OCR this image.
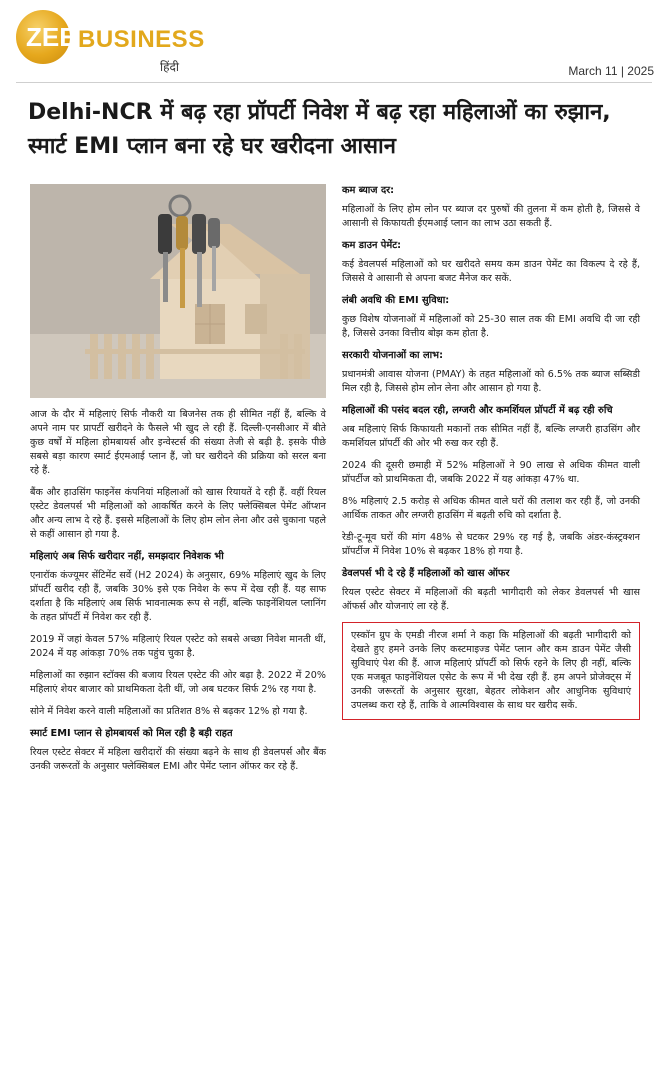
ZEE BUSINESS
हिंदी	March 11 | 2025
Delhi-NCR में बढ़ रहा प्रॉपर्टी निवेश में बढ़ रहा महिलाओं का रुझान, स्मार्ट EMI प्लान बना रहे घर खरीदना आसान

आज के दौर में महिलाएं सिर्फ नौकरी या बिजनेस तक ही सीमित नहीं हैं, बल्कि वे अपने नाम पर प्रापर्टी खरीदने के फैसले भी खुद ले रही हैं. दिल्ली-एनसीआर में बीते कुछ वर्षों में महिला होमबायर्स और इन्वेस्टर्स की संख्या तेजी से बढ़ी है. इसके पीछे सबसे बड़ा कारण स्मार्ट ईएमआई प्लान हैं, जो घर खरीदने की प्रक्रिया को सरल बना रहे हैं.

बैंक और हाउसिंग फाइनेंस कंपनियां महिलाओं को खास रियायतें दे रही हैं. वहीं रियल एस्टेट डेवलपर्स भी महिलाओं को आकर्षित करने के लिए फ्लेक्सिबल पेमेंट ऑप्शन और अन्य लाभ दे रहे हैं. इससे महिलाओं के लिए होम लोन लेना और उसे चुकाना पहले से कहीं आसान हो गया है.

महिलाएं अब सिर्फ खरीदार नहीं, समझदार निवेशक भी

एनारॉक कंज्यूमर सेंटिमेंट सर्वे (H2 2024) के अनुसार, 69% महिलाएं खुद के लिए प्रॉपर्टी खरीद रही हैं, जबकि 30% इसे एक निवेश के रूप में देख रही हैं. यह साफ दर्शाता है कि महिलाएं अब सिर्फ भावनात्मक रूप से नहीं, बल्कि फाइनेंशियल प्लानिंग के तहत प्रॉपर्टी में निवेश कर रही हैं.

2019 में जहां केवल 57% महिलाएं रियल एस्टेट को सबसे अच्छा निवेश मानती थीं, 2024 में यह आंकड़ा 70% तक पहुंच चुका है.

महिलाओं का रुझान स्टॉक्स की बजाय रियल एस्टेट की ओर बढ़ा है. 2022 में 20% महिलाएं शेयर बाजार को प्राथमिकता देती थीं, जो अब घटकर सिर्फ 2% रह गया है.

सोने में निवेश करने वाली महिलाओं का प्रतिशत 8% से बढ़कर 12% हो गया है.

स्मार्ट EMI प्लान से होमबायर्स को मिल रही है बड़ी राहत

रियल एस्टेट सेक्टर में महिला खरीदारों की संख्या बढ़ने के साथ ही डेवलपर्स और बैंक उनकी जरूरतों के अनुसार फ्लेक्सिबल EMI और पेमेंट प्लान ऑफर कर रहे हैं.

कम ब्याज दर:

महिलाओं के लिए होम लोन पर ब्याज दर पुरुषों की तुलना में कम होती है, जिससे वे आसानी से किफायती ईएमआई प्लान का लाभ उठा सकती हैं.

कम डाउन पेमेंट:

कई डेवलपर्स महिलाओं को घर खरीदते समय कम डाउन पेमेंट का विकल्प दे रहे हैं, जिससे वे आसानी से अपना बजट मैनेज कर सकें.

लंबी अवधि की EMI सुविधा:

कुछ विशेष योजनाओं में महिलाओं को 25-30 साल तक की EMI अवधि दी जा रही है, जिससे उनका वित्तीय बोझ कम होता है.

सरकारी योजनाओं का लाभ:

प्रधानमंत्री आवास योजना (PMAY) के तहत महिलाओं को 6.5% तक ब्याज सब्सिडी मिल रही है, जिससे होम लोन लेना और आसान हो गया है.

महिलाओं की पसंद बदल रही, लग्जरी और कमर्शियल प्रॉपर्टी में बढ़ रही रुचि

अब महिलाएं सिर्फ किफायती मकानों तक सीमित नहीं हैं, बल्कि लग्जरी हाउसिंग और कमर्शियल प्रॉपर्टी की ओर भी रुख कर रही हैं.

2024 की दूसरी छमाही में 52% महिलाओं ने 90 लाख से अधिक कीमत वाली प्रॉपर्टीज को प्राथमिकता दी, जबकि 2022 में यह आंकड़ा 47% था.

8% महिलाएं 2.5 करोड़ से अधिक कीमत वाले घरों की तलाश कर रही हैं, जो उनकी आर्थिक ताकत और लग्जरी हाउसिंग में बढ़ती रुचि को दर्शाता है.

रेडी-टू-मूव घरों की मांग 48% से घटकर 29% रह गई है, जबकि अंडर-कंस्ट्रक्शन प्रॉपर्टीज में निवेश 10% से बढ़कर 18% हो गया है.

डेवलपर्स भी दे रहे हैं महिलाओं को खास ऑफर

रियल एस्टेट सेक्टर में महिलाओं की बढ़ती भागीदारी को लेकर डेवलपर्स भी खास ऑफर्स और योजनाएं ला रहे हैं.

एस्कॉन ग्रुप के एमडी नीरज शर्मा ने कहा कि महिलाओं की बढ़ती भागीदारी को देखते हुए हमने उनके लिए कस्टमाइज्ड पेमेंट प्लान और कम डाउन पेमेंट जैसी सुविधाएं पेश की हैं. आज महिलाएं प्रॉपर्टी को सिर्फ रहने के लिए ही नहीं, बल्कि एक मजबूत फाइनेंशियल एसेट के रूप में भी देख रही हैं. हम अपने प्रोजेक्ट्स में उनकी जरूरतों के अनुसार सुरक्षा, बेहतर लोकेशन और आधुनिक सुविधाएं उपलब्ध करा रहे हैं, ताकि वे आत्मविश्वास के साथ घर खरीद सकें.
